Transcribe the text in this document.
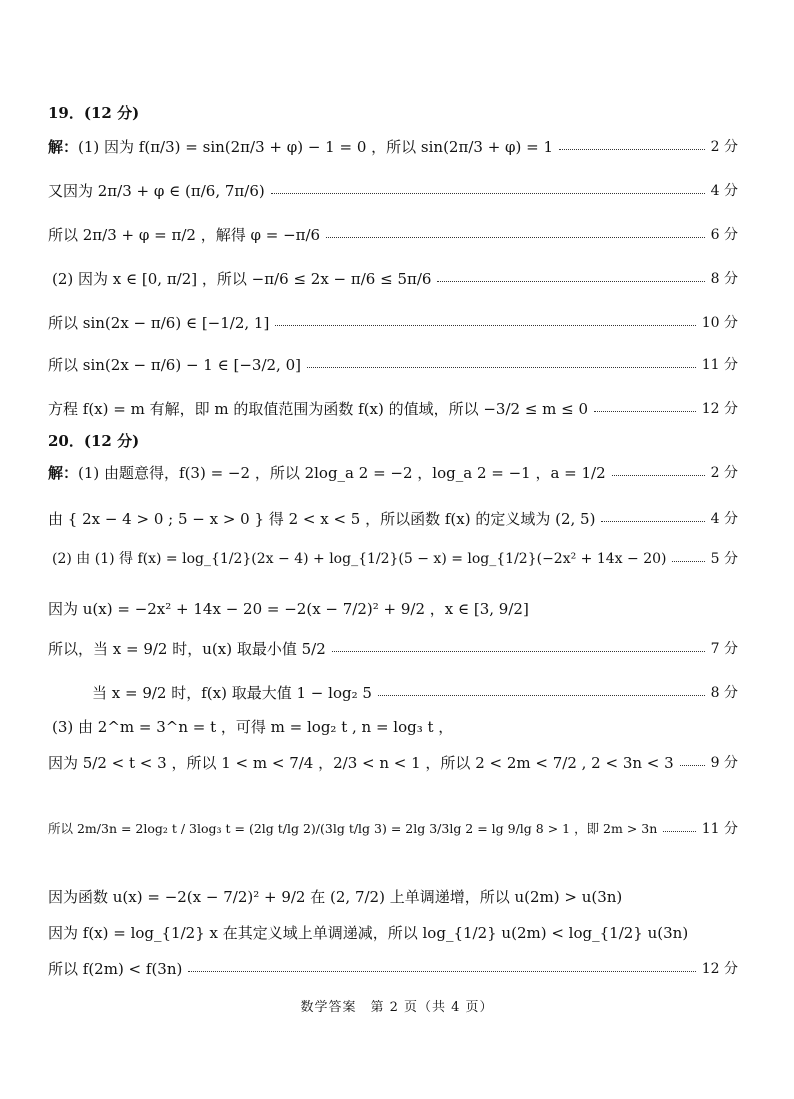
19．(12 分)
解： (1) 因为 f(π/3) = sin(2π/3 + φ) − 1 = 0 ，所以 sin(2π/3 + φ) = 1	2 分
又因为 2π/3 + φ ∈ (π/6, 7π/6)	4 分
所以 2π/3 + φ = π/2 ，解得 φ = −π/6	6 分
(2) 因为 x ∈ [0, π/2] ，所以 −π/6 ≤ 2x − π/6 ≤ 5π/6	8 分
所以 sin(2x − π/6) ∈ [−1/2, 1]	10 分
所以 sin(2x − π/6) − 1 ∈ [−3/2, 0]	11 分
方程 f(x) = m 有解，即 m 的取值范围为函数 f(x) 的值域，所以 −3/2 ≤ m ≤ 0	12 分
20．(12 分)
解： (1) 由题意得，f(3) = −2 ，所以 2log_a 2 = −2 ，log_a 2 = −1 ，a = 1/2	2 分
由 { 2x − 4 > 0 ; 5 − x > 0 } 得 2 < x < 5 ，所以函数 f(x) 的定义域为 (2, 5)	4 分
(2) 由 (1) 得 f(x) = log_{1/2}(2x − 4) + log_{1/2}(5 − x) = log_{1/2}(−2x² + 14x − 20)	5 分
因为 u(x) = −2x² + 14x − 20 = −2(x − 7/2)² + 9/2 ，x ∈ [3, 9/2]
所以，当 x = 9/2 时，u(x) 取最小值 5/2	7 分
当 x = 9/2 时，f(x) 取最大值 1 − log₂ 5	8 分
(3) 由 2^m = 3^n = t ，可得 m = log₂ t , n = log₃ t ，
因为 5/2 < t < 3 ，所以 1 < m < 7/4 ，2/3 < n < 1 ，所以 2 < 2m < 7/2 , 2 < 3n < 3	9 分
所以 2m/3n = 2log₂ t / 3log₃ t = (2lg t/lg 2)/(3lg t/lg 3) = 2lg 3/3lg 2 = lg 9/lg 8 > 1 ，即 2m > 3n	11 分
因为函数 u(x) = −2(x − 7/2)² + 9/2 在 (2, 7/2) 上单调递增，所以 u(2m) > u(3n)
因为 f(x) = log_{1/2} x 在其定义域上单调递减，所以 log_{1/2} u(2m) < log_{1/2} u(3n)
所以 f(2m) < f(3n)	12 分
数学答案　第 2 页（共 4 页）
